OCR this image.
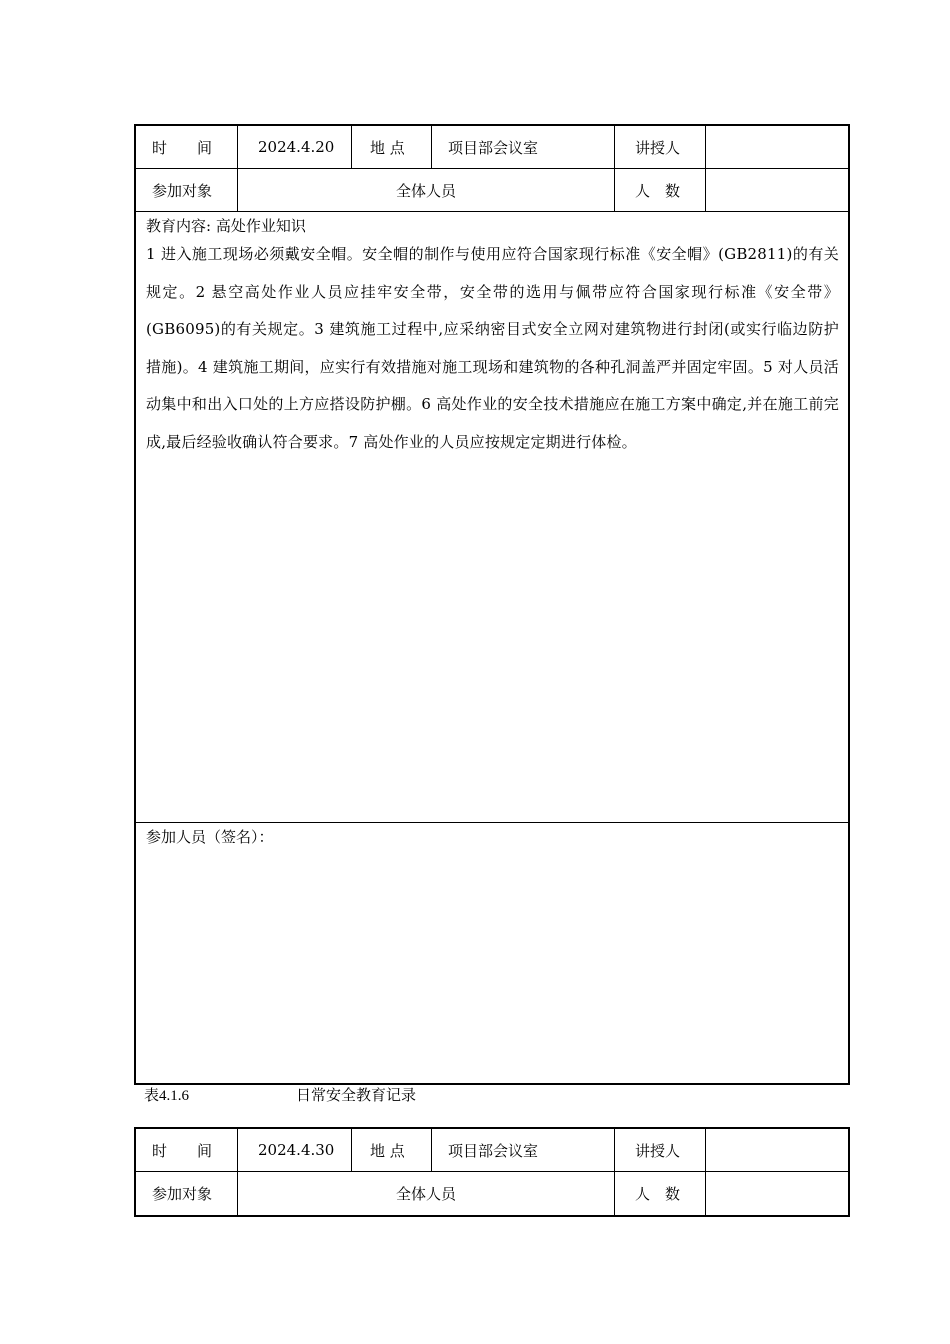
时　　间	2024.4.20	地 点	项目部会议室	讲授人
参加对象	全体人员	人　数
教育内容: 高处作业知识
1 进入施工现场必须戴安全帽。安全帽的制作与使用应符合国家现行标准《安全帽》(GB2811)的有关规定。2 悬空高处作业人员应挂牢安全带，安全带的选用与佩带应符合国家现行标准《安全带》(GB6095)的有关规定。3 建筑施工过程中,应采纳密目式安全立网对建筑物进行封闭(或实行临边防护措施)。4 建筑施工期间，应实行有效措施对施工现场和建筑物的各种孔洞盖严并固定牢固。5 对人员活动集中和出入口处的上方应搭设防护棚。6 高处作业的安全技术措施应在施工方案中确定,并在施工前完成,最后经验收确认符合要求。7 高处作业的人员应按规定定期进行体检。
参加人员（签名）：
表4.1.6	日常安全教育记录
时　　间	2024.4.30	地 点	项目部会议室	讲授人
参加对象	全体人员	人　数
